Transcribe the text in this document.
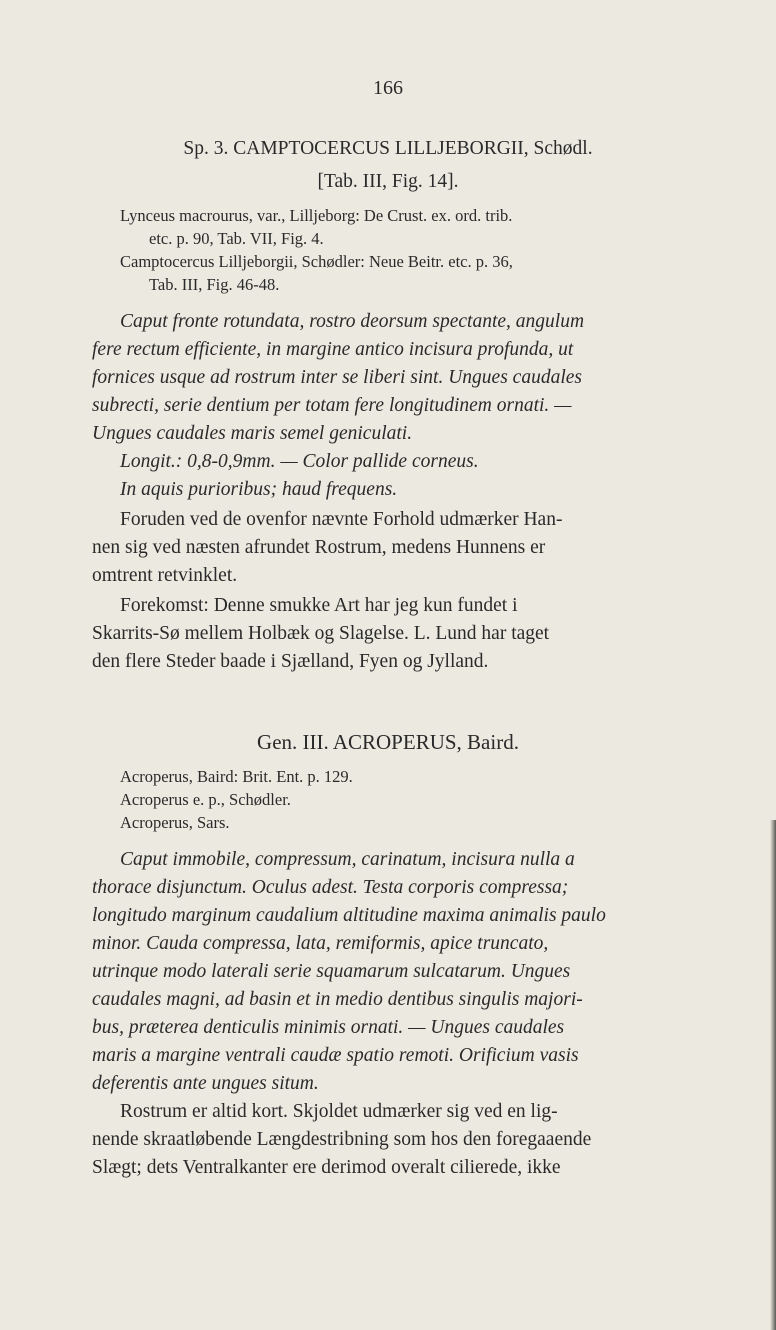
166
Sp. 3. CAMPTOCERCUS LILLJEBORGII, Schødl.
[Tab. III, Fig. 14].
Lynceus macrourus, var., Lilljeborg: De Crust. ex. ord. trib.
etc. p. 90, Tab. VII, Fig. 4.
Camptocercus Lilljeborgii, Schødler: Neue Beitr. etc. p. 36,
Tab. III, Fig. 46-48.
Caput fronte rotundata, rostro deorsum spectante, angulum
fere rectum efficiente, in margine antico incisura profunda, ut
fornices usque ad rostrum inter se liberi sint. Ungues caudales
subrecti, serie dentium per totam fere longitudinem ornati. —
Ungues caudales maris semel geniculati.
Longit.: 0,8-0,9mm. — Color pallide corneus.
In aquis purioribus; haud frequens.
Foruden ved de ovenfor nævnte Forhold udmærker Han-
nen sig ved næsten afrundet Rostrum, medens Hunnens er
omtrent retvinklet.
Forekomst: Denne smukke Art har jeg kun fundet i
Skarrits-Sø mellem Holbæk og Slagelse. L. Lund har taget
den flere Steder baade i Sjælland, Fyen og Jylland.
Gen. III. ACROPERUS, Baird.
Acroperus, Baird: Brit. Ent. p. 129.
Acroperus e. p., Schødler.
Acroperus, Sars.
Caput immobile, compressum, carinatum, incisura nulla a
thorace disjunctum. Oculus adest. Testa corporis compressa;
longitudo marginum caudalium altitudine maxima animalis paulo
minor. Cauda compressa, lata, remiformis, apice truncato,
utrinque modo laterali serie squamarum sulcatarum. Ungues
caudales magni, ad basin et in medio dentibus singulis majori-
bus, præterea denticulis minimis ornati. — Ungues caudales
maris a margine ventrali caudæ spatio remoti. Orificium vasis
deferentis ante ungues situm.
Rostrum er altid kort. Skjoldet udmærker sig ved en lig-
nende skraatløbende Længdestribning som hos den foregaaende
Slægt; dets Ventralkanter ere derimod overalt cilierede, ikke
